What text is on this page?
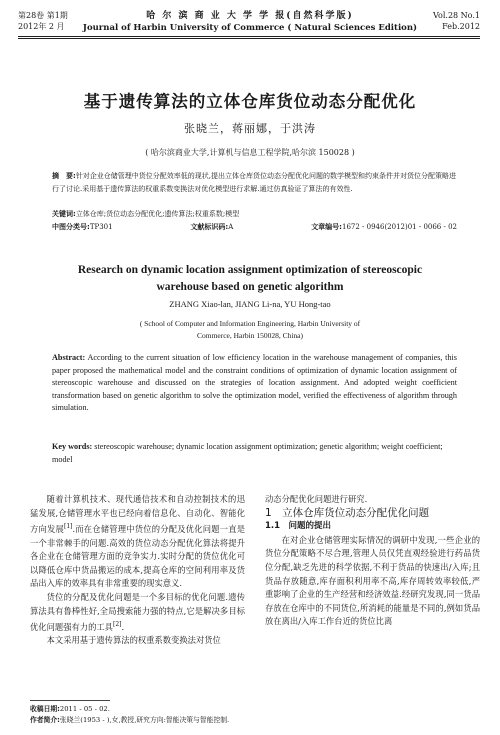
第28卷 第1期
2012年 2 月
哈 尔 滨 商 业 大 学 学 报(自然科学版)
Journal of Harbin University of Commerce ( Natural Sciences Edition)
Vol.28 No.1
Feb.2012
基于遗传算法的立体仓库货位动态分配优化
张晓兰，蒋丽娜，于洪涛
( 哈尔滨商业大学,计算机与信息工程学院,哈尔滨 150028 )
摘　要:针对企业仓储管理中货位分配效率低的现状,提出立体仓库货位动态分配优化问题的数学模型和约束条件并对货位分配策略进行了讨论.采用基于遗传算法的权重系数变换法对优化模型进行求解.通过仿真验证了算法的有效性.
关键词:立体仓库;货位动态分配优化;遗传算法;权重系数;模型
中图分类号:TP301	文献标识码:A	文章编号:1672 - 0946(2012)01 - 0066 - 02
Research on dynamic location assignment optimization of stereoscopic
warehouse based on genetic algorithm
ZHANG Xiao-lan, JIANG Li-na, YU Hong-tao
( School of Computer and Information Engineering, Harbin University of
Commerce, Harbin 150028, China)
Abstract: According to the current situation of low efficiency location in the warehouse management of companies, this paper proposed the mathematical model and the constraint conditions of optimization of dynamic location assignment of stereoscopic warehouse and discussed on the strategies of location assignment. And adopted weight coefficient transformation based on genetic algorithm to solve the optimization model, verified the effectiveness of algorithm through simulation.
Key words: stereoscopic warehouse; dynamic location assignment optimization; genetic algorithm; weight coefficient; model

随着计算机技术、现代通信技术和自动控制技术的迅猛发展,仓储管理水平也已经向着信息化、自动化、智能化方向发展[1].而在仓储管理中货位的分配及优化问题一直是一个非常棘手的问题.高效的货位动态分配优化算法将提升各企业在仓储管理方面的竞争实力.实时分配的货位优化可以降低仓库中货品搬运的成本,提高仓库的空间利用率及货品出入库的效率具有非常重要的现实意义.

货位的分配及优化问题是一个多目标的优化问题.遗传算法具有鲁棒性好,全局搜索能力强的特点,它是解决多目标优化问题强有力的工具[2].

本文采用基于遗传算法的权重系数变换法对货位

动态分配优化问题进行研究.

1　立体仓库货位动态分配优化问题

1.1　问题的提出

在对企业仓储管理实际情况的调研中发现,一些企业的货位分配策略不尽合理,管理人员仅凭直观经验进行药品货位分配,缺乏先进的科学依据,不利于货品的快速出/入库;且货品存放随意,库存面积利用率不高,库存周转效率较低,严重影响了企业的生产经营和经济效益.经研究发现,同一货品存放在仓库中的不同货位,所消耗的能量是不同的,例如货品放在离出/入库工作台近的货位比离

收稿日期:2011 - 05 - 02.
作者简介:张晓兰(1953 - ),女,教授,研究方向:智能决策与智能控制.
